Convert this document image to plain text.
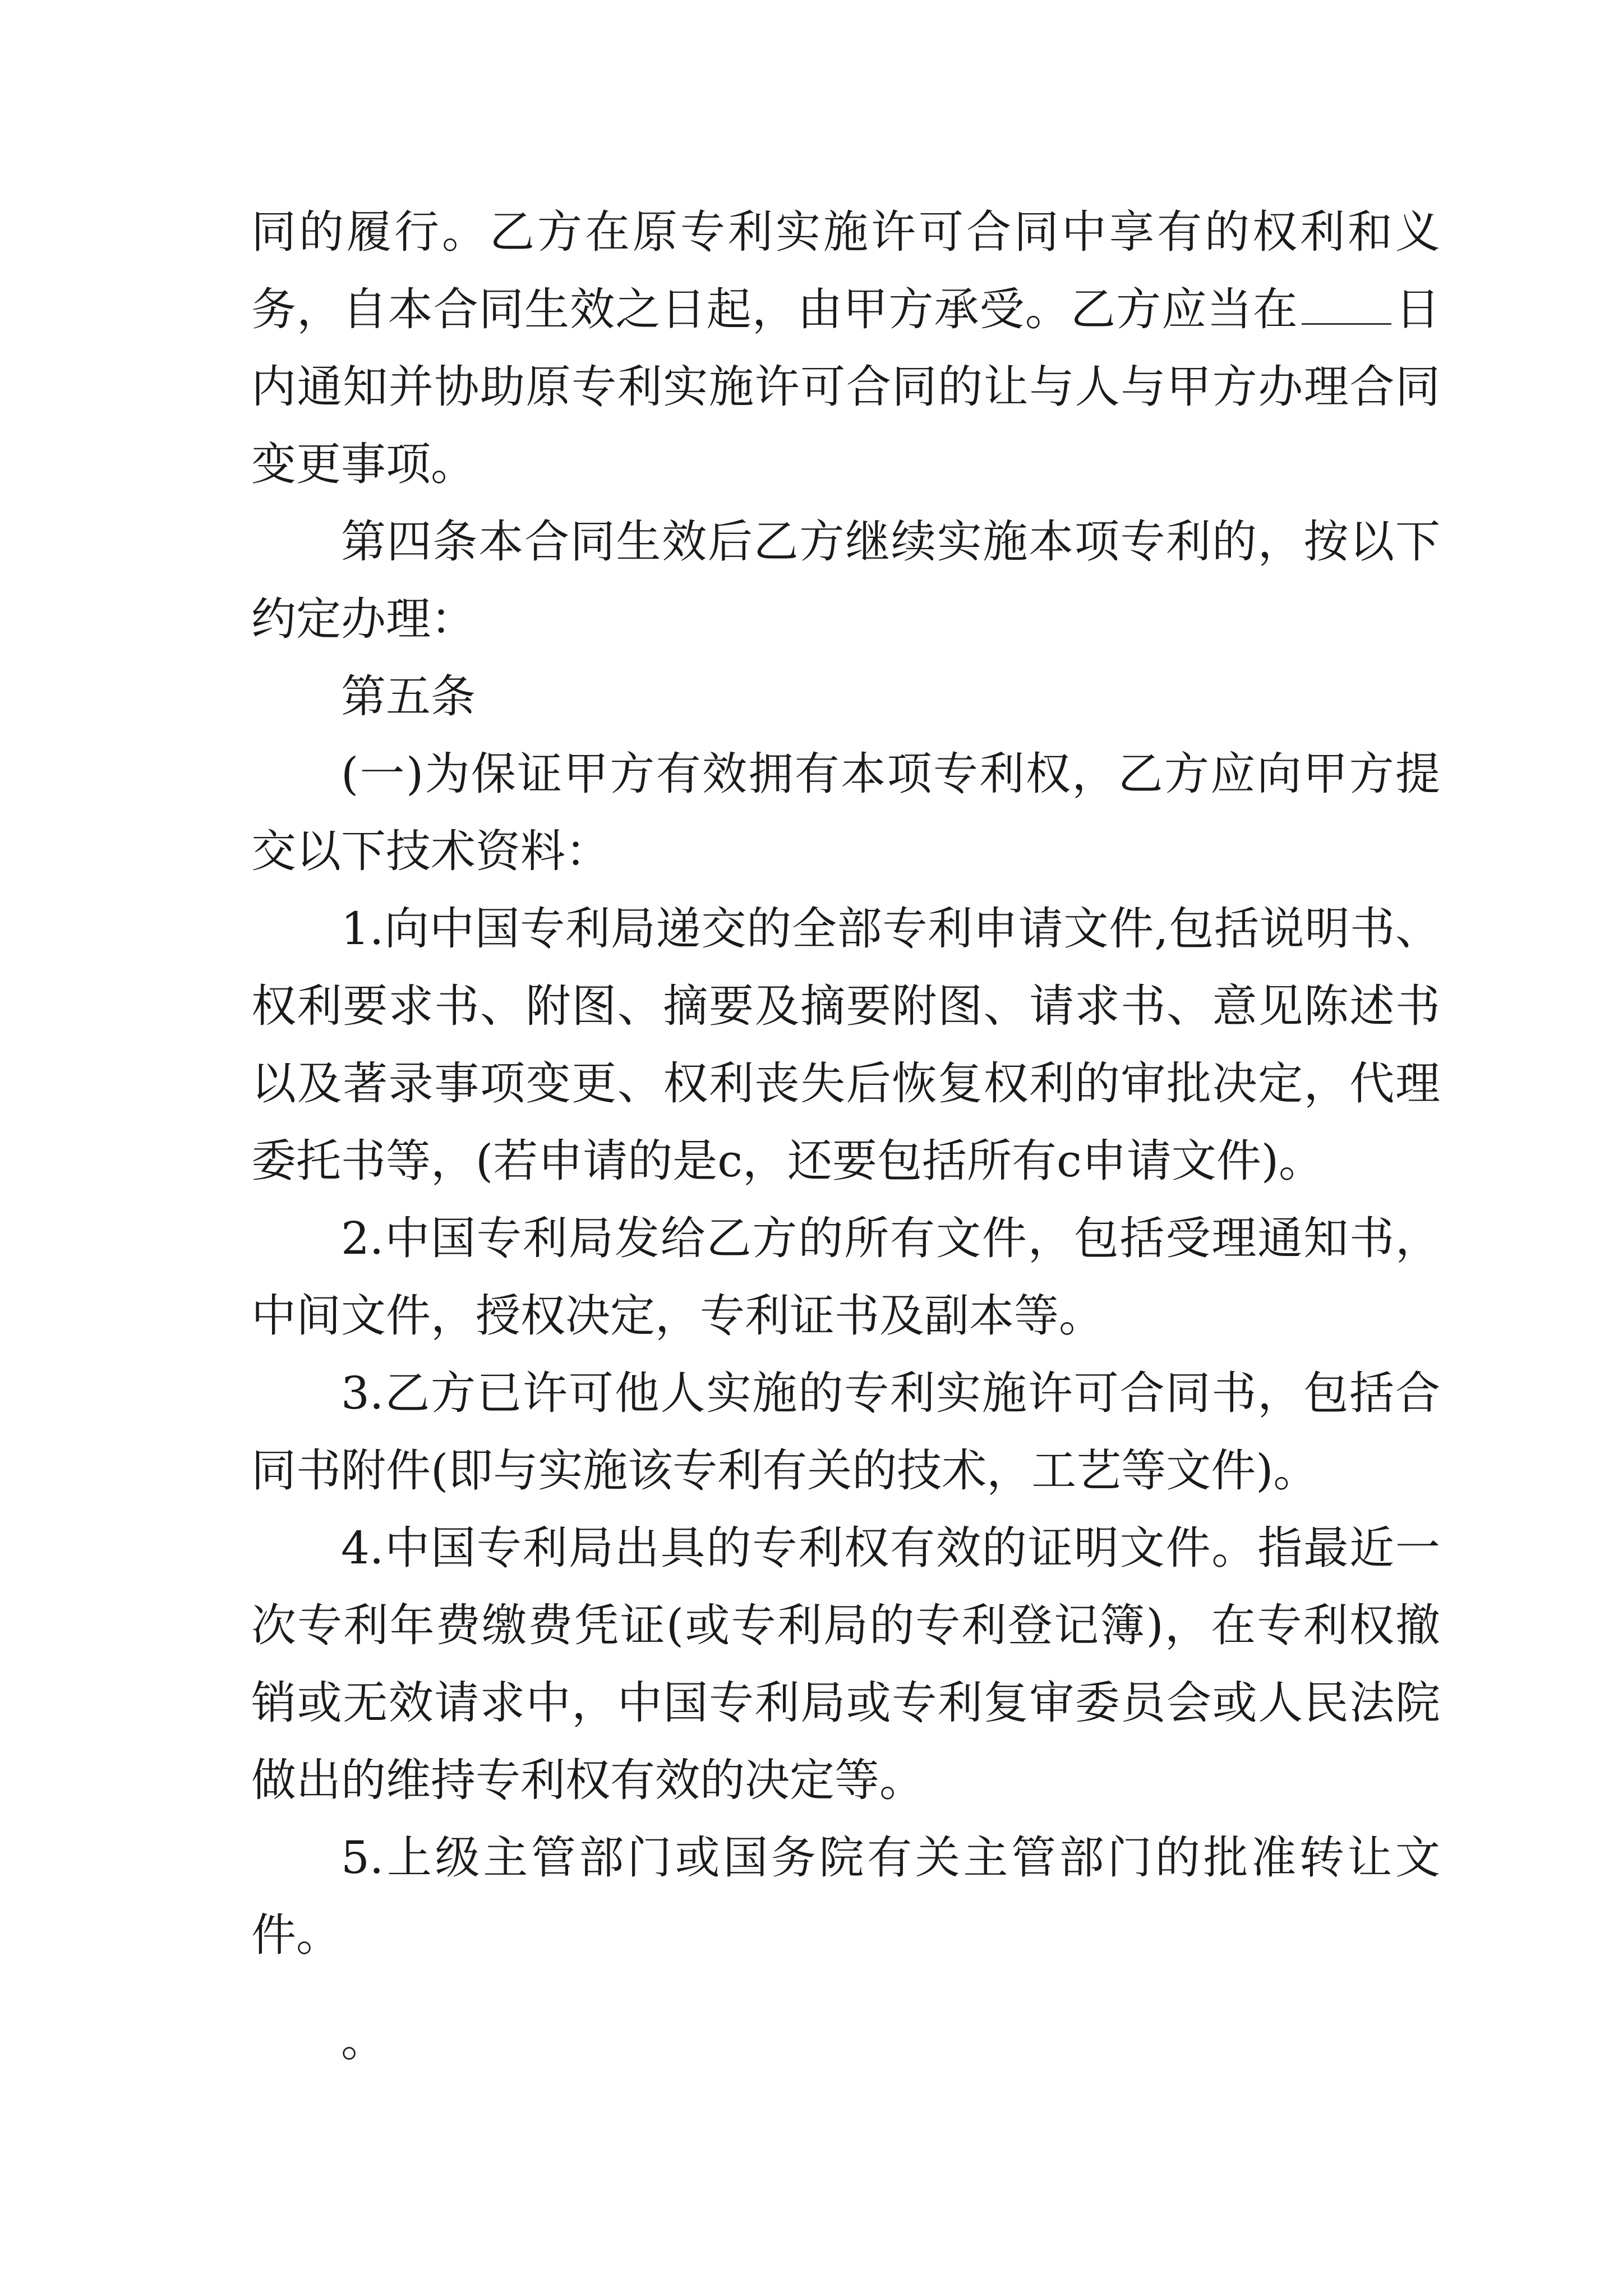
同的履行。乙方在原专利实施许可合同中享有的权利和义务，自本合同生效之日起，由甲方承受。乙方应当在 日内通知并协助原专利实施许可合同的让与人与甲方办理合同变更事项。

第四条本合同生效后乙方继续实施本项专利的，按以下约定办理：

第五条

(一)为保证甲方有效拥有本项专利权，乙方应向甲方提交以下技术资料：

1.向中国专利局递交的全部专利申请文件,包括说明书、权利要求书、附图、摘要及摘要附图、请求书、意见陈述书以及著录事项变更、权利丧失后恢复权利的审批决定，代理委托书等，(若申请的是c，还要包括所有c申请文件)。

2.中国专利局发给乙方的所有文件，包括受理通知书，中间文件，授权决定，专利证书及副本等。

3.乙方已许可他人实施的专利实施许可合同书，包括合同书附件(即与实施该专利有关的技术，工艺等文件)。

4.中国专利局出具的专利权有效的证明文件。指最近一次专利年费缴费凭证(或专利局的专利登记簿)，在专利权撤销或无效请求中，中国专利局或专利复审委员会或人民法院做出的维持专利权有效的决定等。

5.上级主管部门或国务院有关主管部门的批准转让文件。

。
